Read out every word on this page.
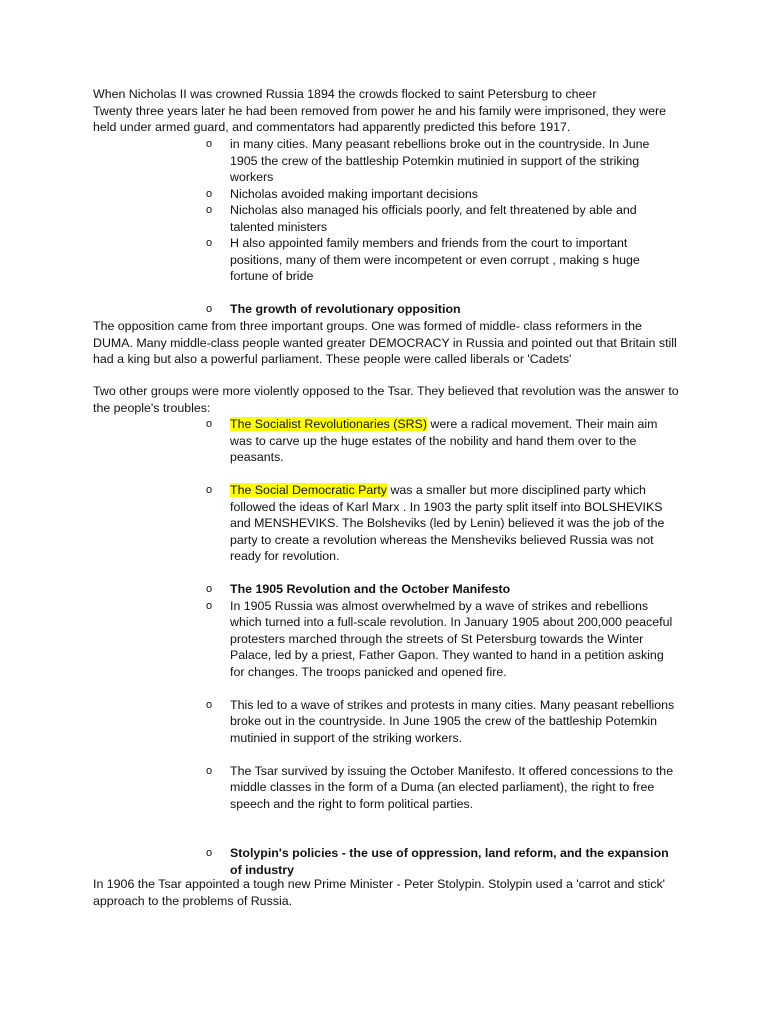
When Nicholas II was crowned Russia 1894 the crowds flocked to saint Petersburg to cheer
Twenty three years later he had been removed from power he and his family were imprisoned, they were held under armed guard, and commentators had apparently predicted this before 1917.
o in many cities. Many peasant rebellions broke out in the countryside. In June 1905 the crew of the battleship Potemkin mutinied in support of the striking workers
o Nicholas avoided making important decisions
o Nicholas also managed his officials poorly, and felt threatened by able and talented ministers
o H also appointed family members and friends from the court to important positions, many of them were incompetent or even corrupt , making s huge fortune of bride
o The growth of revolutionary opposition
The opposition came from three important groups. One was formed of middle- class reformers in the DUMA. Many middle-class people wanted greater DEMOCRACY in Russia and pointed out that Britain still had a king but also a powerful parliament. These people were called liberals or 'Cadets'
Two other groups were more violently opposed to the Tsar. They believed that revolution was the answer to the people's troubles:
o The Socialist Revolutionaries (SRS) were a radical movement. Their main aim was to carve up the huge estates of the nobility and hand them over to the peasants.
o The Social Democratic Party was a smaller but more disciplined party which followed the ideas of Karl Marx . In 1903 the party split itself into BOLSHEVIKS and MENSHEVIKS. The Bolsheviks (led by Lenin) believed it was the job of the party to create a revolution whereas the Mensheviks believed Russia was not ready for revolution.
o The 1905 Revolution and the October Manifesto
o In 1905 Russia was almost overwhelmed by a wave of strikes and rebellions which turned into a full-scale revolution. In January 1905 about 200,000 peaceful protesters marched through the streets of St Petersburg towards the Winter Palace, led by a priest, Father Gapon. They wanted to hand in a petition asking for changes. The troops panicked and opened fire.
o This led to a wave of strikes and protests in many cities. Many peasant rebellions broke out in the countryside. In June 1905 the crew of the battleship Potemkin mutinied in support of the striking workers.
o The Tsar survived by issuing the October Manifesto. It offered concessions to the middle classes in the form of a Duma (an elected parliament), the right to free speech and the right to form political parties.
o Stolypin's policies - the use of oppression, land reform, and the expansion of industry
In 1906 the Tsar appointed a tough new Prime Minister - Peter Stolypin. Stolypin used a 'carrot and stick' approach to the problems of Russia.
